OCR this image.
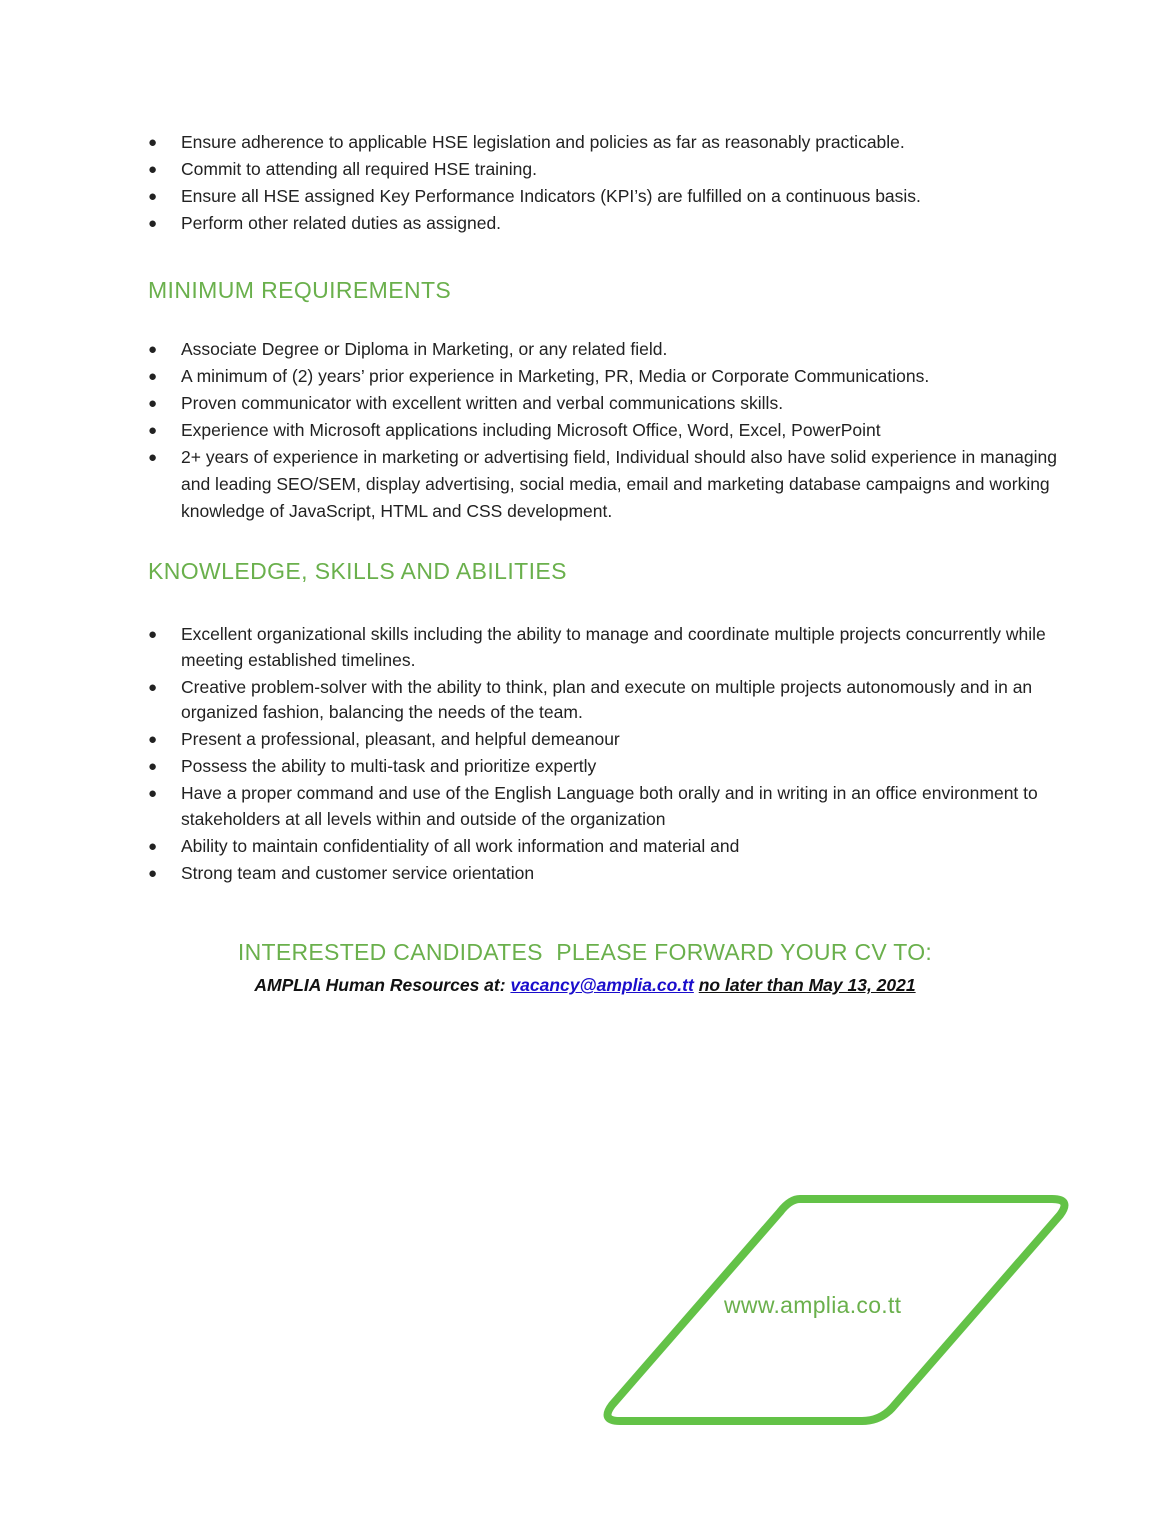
●	Ensure adherence to applicable HSE legislation and policies as far as reasonably practicable.
●	Commit to attending all required HSE training.
●	Ensure all HSE assigned Key Performance Indicators (KPI’s) are fulfilled on a continuous basis.
●	Perform other related duties as assigned.
MINIMUM REQUIREMENTS
●	Associate Degree or Diploma in Marketing, or any related field.
●	A minimum of (2) years’ prior experience in Marketing, PR, Media or Corporate Communications.
●	Proven communicator with excellent written and verbal communications skills.
●	Experience with Microsoft applications including Microsoft Office, Word, Excel, PowerPoint
●	2+ years of experience in marketing or advertising field, Individual should also have solid experience in managing and leading SEO/SEM, display advertising, social media, email and marketing database campaigns and working knowledge of JavaScript, HTML and CSS development.
KNOWLEDGE, SKILLS AND ABILITIES
●	Excellent organizational skills including the ability to manage and coordinate multiple projects concurrently while meeting established timelines.
●	Creative problem-solver with the ability to think, plan and execute on multiple projects autonomously and in an organized fashion, balancing the needs of the team.
●	Present a professional, pleasant, and helpful demeanour
●	Possess the ability to multi-task and prioritize expertly
●	Have a proper command and use of the English Language both orally and in writing in an office environment to stakeholders at all levels within and outside of the organization
●	Ability to maintain confidentiality of all work information and material and
●	Strong team and customer service orientation
INTERESTED CANDIDATES  PLEASE FORWARD YOUR CV TO:

AMPLIA Human Resources at: vacancy@amplia.co.tt no later than May 13, 2021

www.amplia.co.tt
